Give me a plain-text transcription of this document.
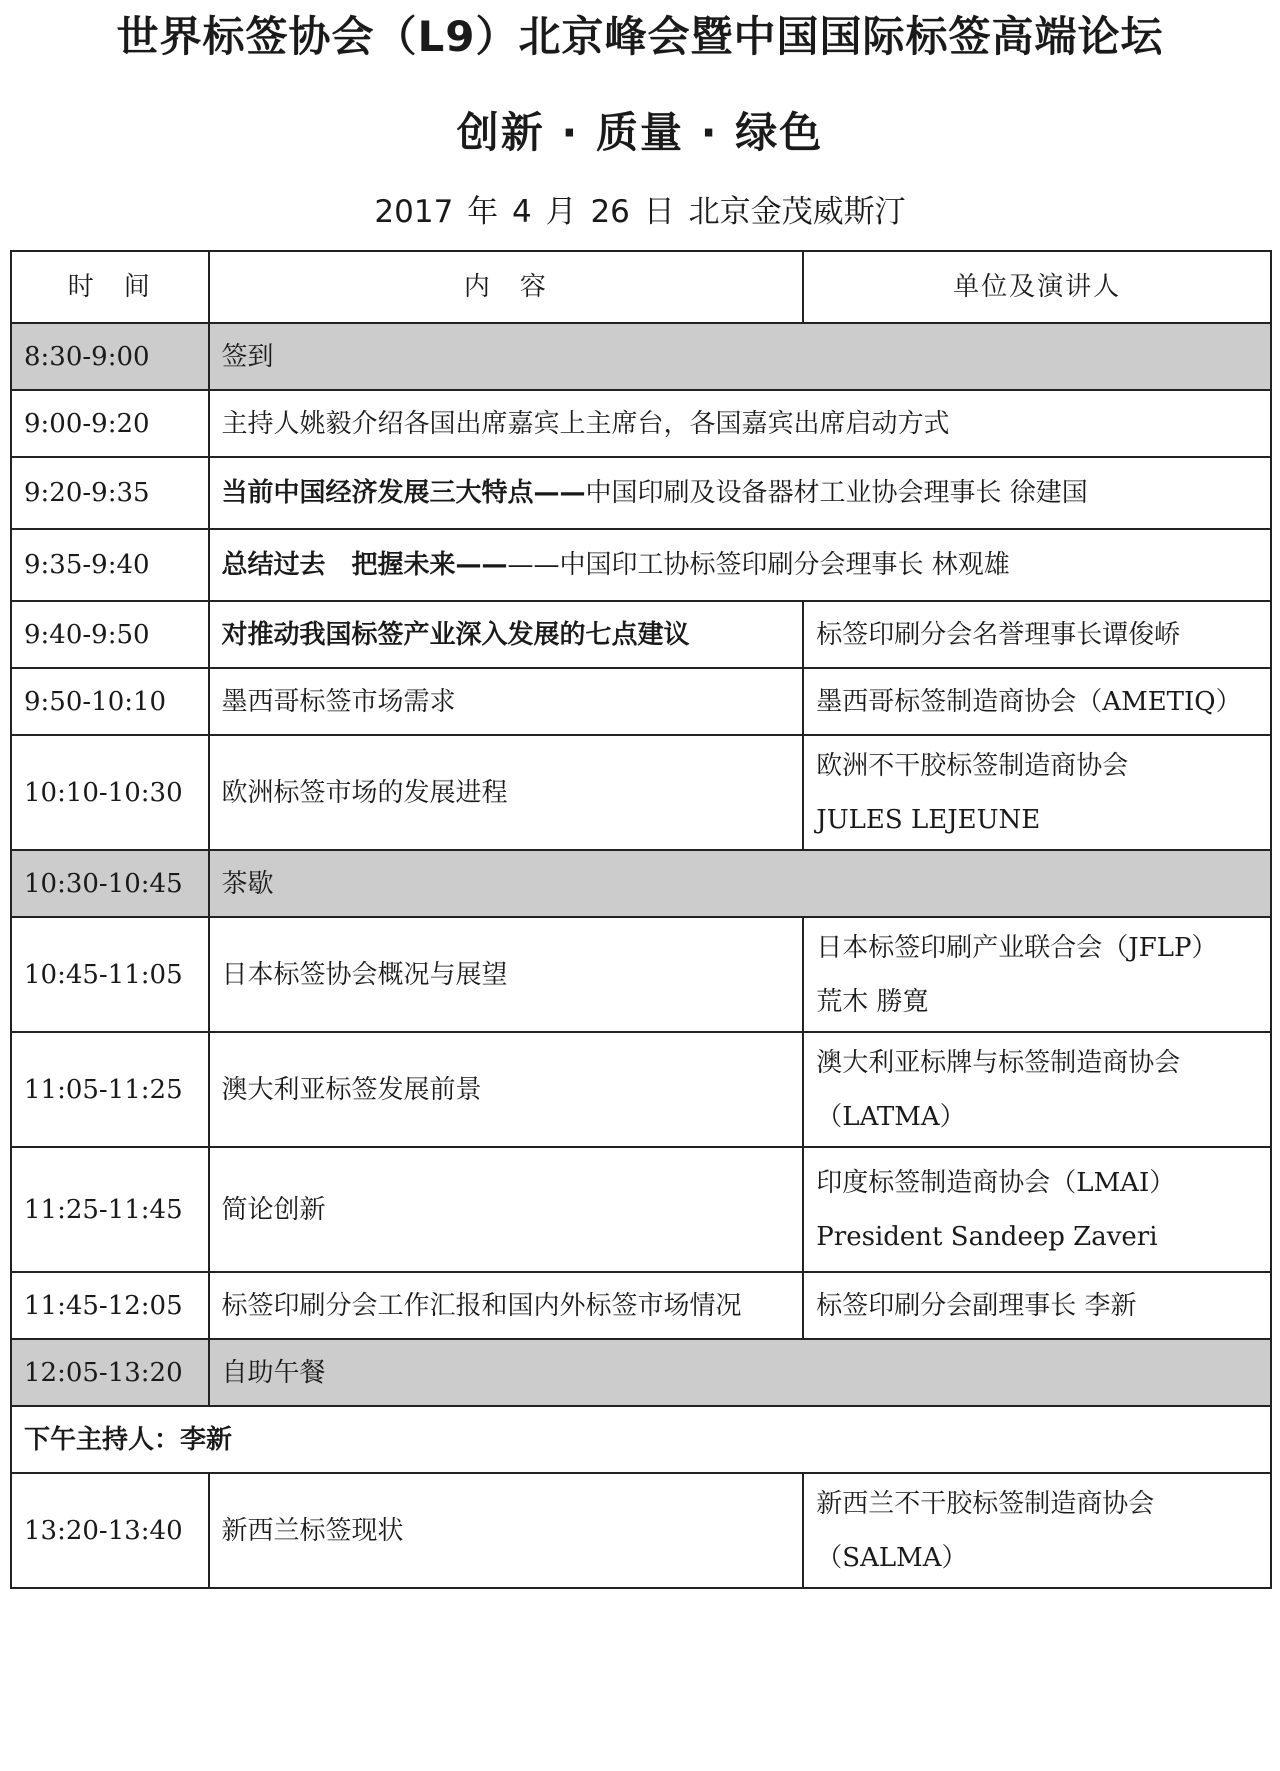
世界标签协会（L9）北京峰会暨中国国际标签高端论坛
创新 · 质量 · 绿色
2017 年 4 月 26 日 北京金茂威斯汀
时　间	内　容	单位及演讲人
8:30-9:00	签到	
9:00-9:20	主持人姚毅介绍各国出席嘉宾上主席台，各国嘉宾出席启动方式	
9:20-9:35	当前中国经济发展三大特点——中国印刷及设备器材工业协会理事长 徐建国	
9:35-9:40	总结过去　把握未来————中国印工协标签印刷分会理事长 林观雄	
9:40-9:50	对推动我国标签产业深入发展的七点建议	标签印刷分会名誉理事长谭俊峤
9:50-10:10	墨西哥标签市场需求	墨西哥标签制造商协会（AMETIQ）
10:10-10:30	欧洲标签市场的发展进程	欧洲不干胶标签制造商协会
JULES LEJEUNE

10:30-10:45	茶歇	
10:45-11:05	日本标签协会概况与展望	日本标签印刷产业联合会（JFLP）
荒木 勝寛

11:05-11:25	澳大利亚标签发展前景	澳大利亚标牌与标签制造商协会
（LATMA）

11:25-11:45	简论创新	印度标签制造商协会（LMAI）
President Sandeep Zaveri

11:45-12:05	标签印刷分会工作汇报和国内外标签市场情况	标签印刷分会副理事长 李新
12:05-13:20	自助午餐	
下午主持人：李新		
13:20-13:40	新西兰标签现状	新西兰不干胶标签制造商协会
（SALMA）
